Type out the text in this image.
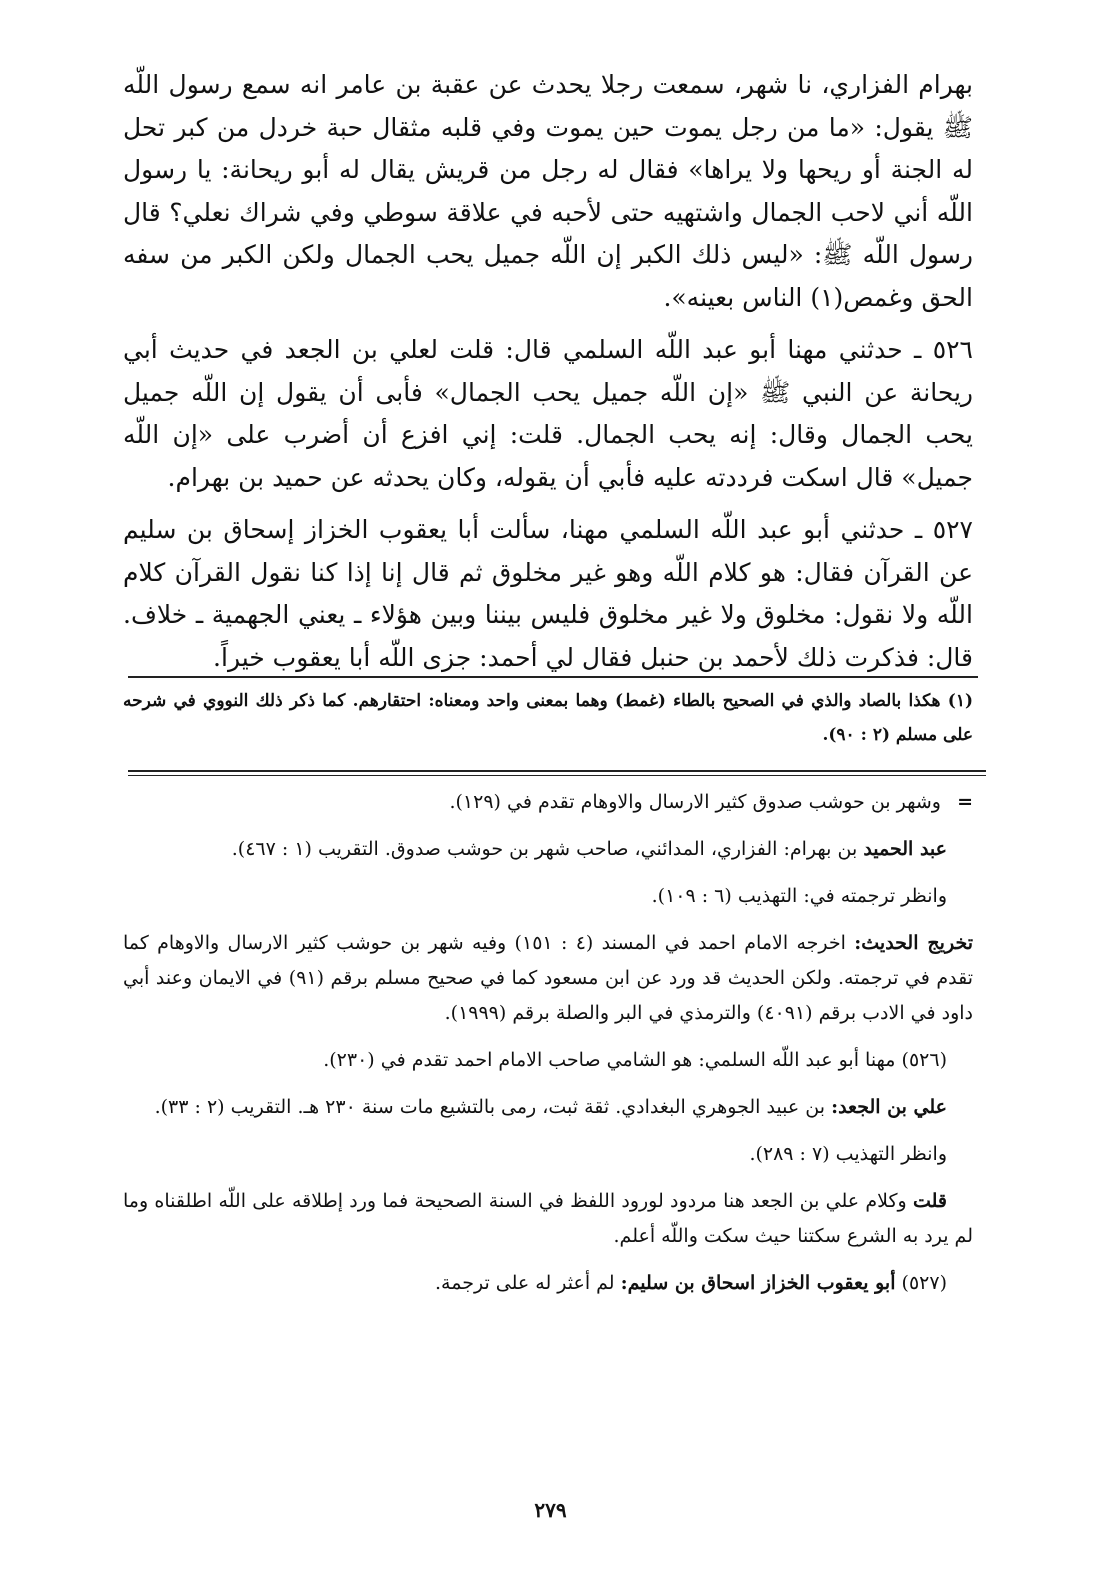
بهرام الفزاري، نا شهر، سمعت رجلا يحدث عن عقبة بن عامر انه سمع رسول اللّه ﷺ يقول: «ما من رجل يموت حين يموت وفي قلبه مثقال حبة خردل من كبر تحل له الجنة أو ريحها ولا يراها» فقال له رجل من قريش يقال له أبو ريحانة: يا رسول اللّه أني لاحب الجمال واشتهيه حتى لأحبه في علاقة سوطي وفي شراك نعلي؟ قال رسول اللّه ﷺ: «ليس ذلك الكبر إن اللّه جميل يحب الجمال ولكن الكبر من سفه الحق وغمص(١) الناس بعينه».

٥٢٦ ـ حدثني مهنا أبو عبد اللّه السلمي قال: قلت لعلي بن الجعد في حديث أبي ريحانة عن النبي ﷺ «إن اللّه جميل يحب الجمال» فأبى أن يقول إن اللّه جميل يحب الجمال وقال: إنه يحب الجمال. قلت: إني افزع أن أضرب على «إن اللّه جميل» قال اسكت فرددته عليه فأبي أن يقوله، وكان يحدثه عن حميد بن بهرام.

٥٢٧ ـ حدثني أبو عبد اللّه السلمي مهنا، سألت أبا يعقوب الخزاز إسحاق بن سليم عن القرآن فقال: هو كلام اللّه وهو غير مخلوق ثم قال إنا إذا كنا نقول القرآن كلام اللّه ولا نقول: مخلوق ولا غير مخلوق فليس بيننا وبين هؤلاء ـ يعني الجهمية ـ خلاف. قال: فذكرت ذلك لأحمد بن حنبل فقال لي أحمد: جزى اللّه أبا يعقوب خيراً.

(١) هكذا بالصاد والذي في الصحيح بالطاء (غمط) وهما بمعنى واحد ومعناه: احتقارهم. كما ذكر ذلك النووي في شرحه على مسلم (٢ : ٩٠).

= وشهر بن حوشب صدوق كثير الارسال والاوهام تقدم في (١٢٩).

عبد الحميد بن بهرام: الفزاري، المدائني، صاحب شهر بن حوشب صدوق. التقريب (١ : ٤٦٧).

وانظر ترجمته في: التهذيب (٦ : ١٠٩).

تخريج الحديث: اخرجه الامام احمد في المسند (٤ : ١٥١) وفيه شهر بن حوشب كثير الارسال والاوهام كما تقدم في ترجمته. ولكن الحديث قد ورد عن ابن مسعود كما في صحيح مسلم برقم (٩١) في الايمان وعند أبي داود في الادب برقم (٤٠٩١) والترمذي في البر والصلة برقم (١٩٩٩).

(٥٢٦) مهنا أبو عبد اللّه السلمي: هو الشامي صاحب الامام احمد تقدم في (٢٣٠).

علي بن الجعد: بن عبيد الجوهري البغدادي. ثقة ثبت، رمى بالتشيع مات سنة ٢٣٠ هـ. التقريب (٢ : ٣٣).

وانظر التهذيب (٧ : ٢٨٩).

قلت وكلام علي بن الجعد هنا مردود لورود اللفظ في السنة الصحيحة فما ورد إطلاقه على اللّه اطلقناه وما لم يرد به الشرع سكتنا حيث سكت واللّه أعلم.

(٥٢٧) أبو يعقوب الخزاز اسحاق بن سليم: لم أعثر له على ترجمة.

٢٧٩
